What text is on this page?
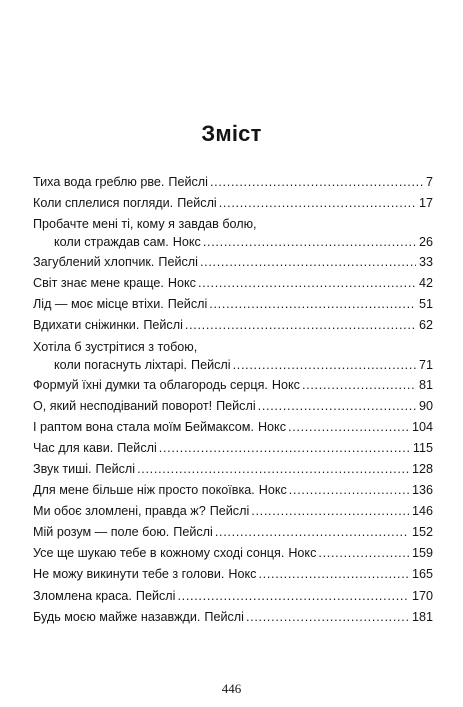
Зміст
Тиха вода греблю рве. Пейслі . . .	7
Коли сплелися погляди. Пейслі . . .	17
Пробачте мені ті, кому я завдав болю,
коли страждав сам. Нокс . . .	26
Загублений хлопчик. Пейслі . . .	33
Світ знає мене краще. Нокс . . .	42
Лід — моє місце втіхи. Пейслі . . .	51
Вдихати сніжинки. Пейслі . . .	62
Хотіла б зустрітися з тобою,
коли погаснуть ліхтарі. Пейслі . . .	71
Формуй їхні думки та облагородь серця. Нокс . . .	81
О, який несподіваний поворот! Пейслі . . .	90
І раптом вона стала моїм Беймаксом. Нокс . . .	104
Час для кави. Пейслі . . .	115
Звук тиші. Пейслі . . .	128
Для мене більше ніж просто покоївка. Нокс . . .	136
Ми обоє зломлені, правда ж? Пейслі . . .	146
Мій розум — поле бою. Пейслі . . .	152
Усе ще шукаю тебе в кожному сході сонця. Нокс . . .	159
Не можу викинути тебе з голови. Нокс . . .	165
Зломлена краса. Пейслі . . .	170
Будь моєю майже назавжди. Пейслі . . .	181
446
